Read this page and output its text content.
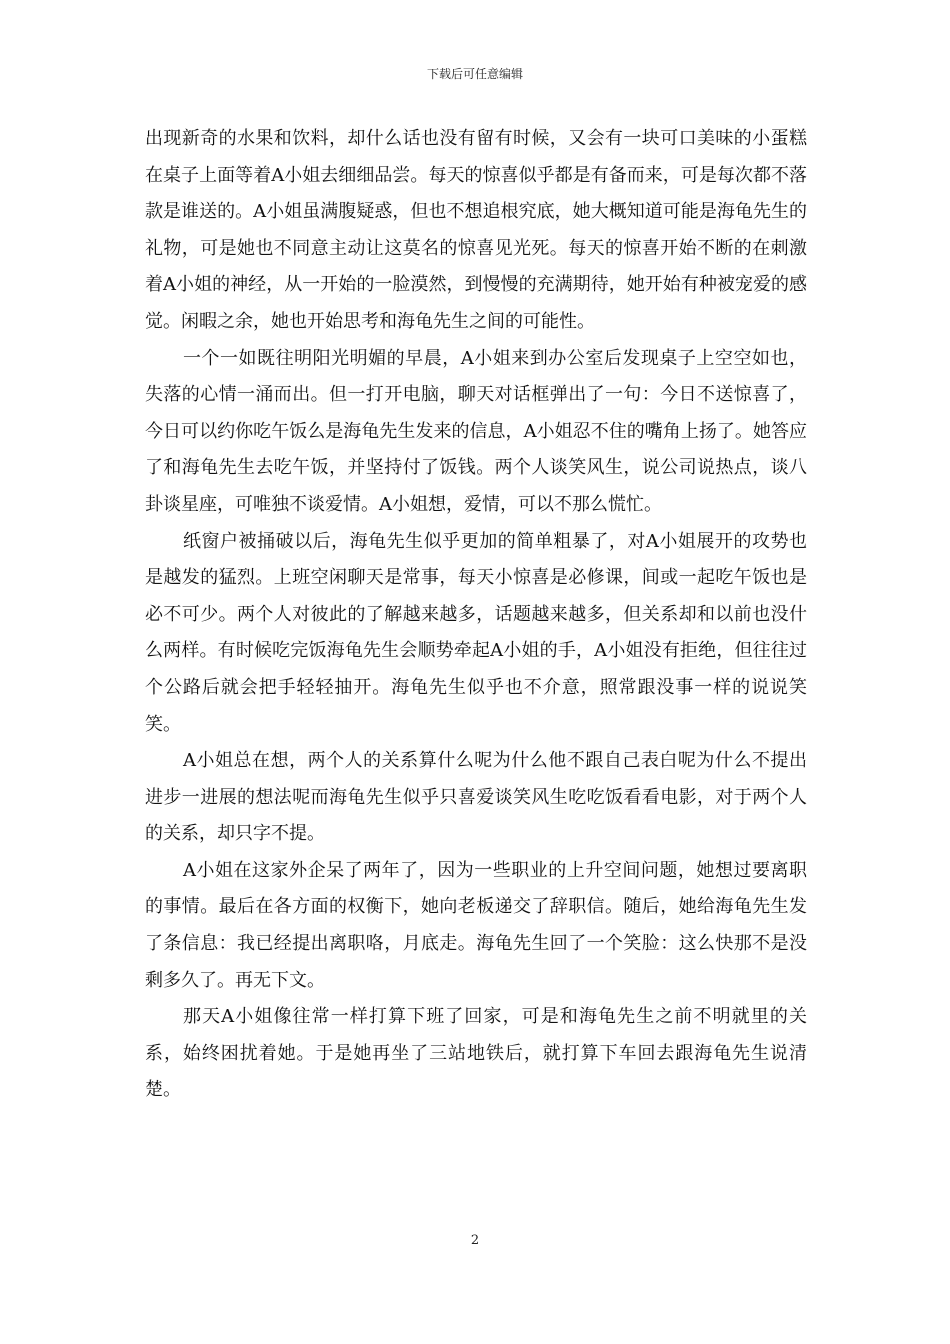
下载后可任意编辑

出现新奇的水果和饮料，却什么话也没有留有时候，又会有一块可口美味的小蛋糕在桌子上面等着A小姐去细细品尝。每天的惊喜似乎都是有备而来，可是每次都不落款是谁送的。A小姐虽满腹疑惑，但也不想追根究底，她大概知道可能是海龟先生的礼物，可是她也不同意主动让这莫名的惊喜见光死。每天的惊喜开始不断的在刺激着A小姐的神经，从一开始的一脸漠然，到慢慢的充满期待，她开始有种被宠爱的感觉。闲暇之余，她也开始思考和海龟先生之间的可能性。

一个一如既往明阳光明媚的早晨，A小姐来到办公室后发现桌子上空空如也，失落的心情一涌而出。但一打开电脑，聊天对话框弹出了一句：今日不送惊喜了，今日可以约你吃午饭么是海龟先生发来的信息，A小姐忍不住的嘴角上扬了。她答应了和海龟先生去吃午饭，并坚持付了饭钱。两个人谈笑风生，说公司说热点，谈八卦谈星座，可唯独不谈爱情。A小姐想，爱情，可以不那么慌忙。

纸窗户被捅破以后，海龟先生似乎更加的简单粗暴了，对A小姐展开的攻势也是越发的猛烈。上班空闲聊天是常事，每天小惊喜是必修课，间或一起吃午饭也是必不可少。两个人对彼此的了解越来越多，话题越来越多，但关系却和以前也没什么两样。有时候吃完饭海龟先生会顺势牵起A小姐的手，A小姐没有拒绝，但往往过个公路后就会把手轻轻抽开。海龟先生似乎也不介意，照常跟没事一样的说说笑笑。

A小姐总在想，两个人的关系算什么呢为什么他不跟自己表白呢为什么不提出进步一进展的想法呢而海龟先生似乎只喜爱谈笑风生吃吃饭看看电影，对于两个人的关系，却只字不提。

A小姐在这家外企呆了两年了，因为一些职业的上升空间问题，她想过要离职的事情。最后在各方面的权衡下，她向老板递交了辞职信。随后，她给海龟先生发了条信息：我已经提出离职咯，月底走。海龟先生回了一个笑脸：这么快那不是没剩多久了。再无下文。

那天A小姐像往常一样打算下班了回家，可是和海龟先生之前不明就里的关系，始终困扰着她。于是她再坐了三站地铁后，就打算下车回去跟海龟先生说清楚。

2
